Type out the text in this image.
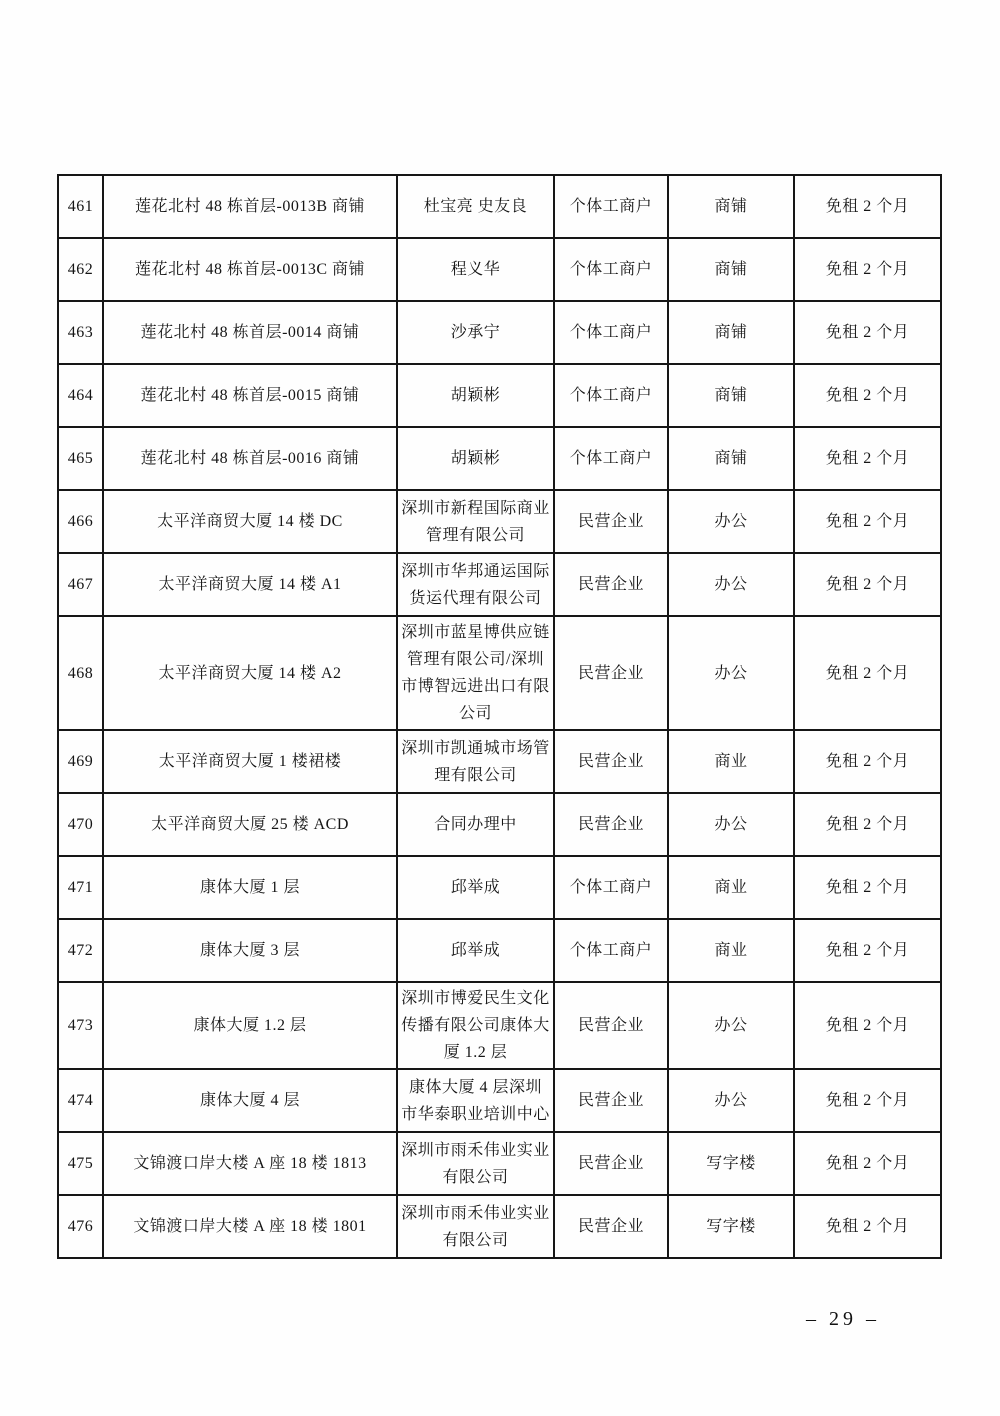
461	莲花北村 48 栋首层-0013B 商铺	杜宝亮 史友良	个体工商户	商铺	免租 2 个月
462	莲花北村 48 栋首层-0013C 商铺	程义华	个体工商户	商铺	免租 2 个月
463	莲花北村 48 栋首层-0014 商铺	沙承宁	个体工商户	商铺	免租 2 个月
464	莲花北村 48 栋首层-0015 商铺	胡颖彬	个体工商户	商铺	免租 2 个月
465	莲花北村 48 栋首层-0016 商铺	胡颖彬	个体工商户	商铺	免租 2 个月
466	太平洋商贸大厦 14 楼 DC	深圳市新程国际商业管理有限公司	民营企业	办公	免租 2 个月
467	太平洋商贸大厦 14 楼 A1	深圳市华邦通运国际货运代理有限公司	民营企业	办公	免租 2 个月
468	太平洋商贸大厦 14 楼 A2	深圳市蓝星博供应链管理有限公司/深圳市博智远进出口有限公司	民营企业	办公	免租 2 个月
469	太平洋商贸大厦 1 楼裙楼	深圳市凯通城市场管理有限公司	民营企业	商业	免租 2 个月
470	太平洋商贸大厦 25 楼 ACD	合同办理中	民营企业	办公	免租 2 个月
471	康体大厦 1 层	邱举成	个体工商户	商业	免租 2 个月
472	康体大厦 3 层	邱举成	个体工商户	商业	免租 2 个月
473	康体大厦 1.2 层	深圳市博爱民生文化传播有限公司康体大厦 1.2 层	民营企业	办公	免租 2 个月
474	康体大厦 4 层	康体大厦 4 层深圳市华泰职业培训中心	民营企业	办公	免租 2 个月
475	文锦渡口岸大楼 A 座 18 楼 1813	深圳市雨禾伟业实业有限公司	民营企业	写字楼	免租 2 个月
476	文锦渡口岸大楼 A 座 18 楼 1801	深圳市雨禾伟业实业有限公司	民营企业	写字楼	免租 2 个月
– 29 –
